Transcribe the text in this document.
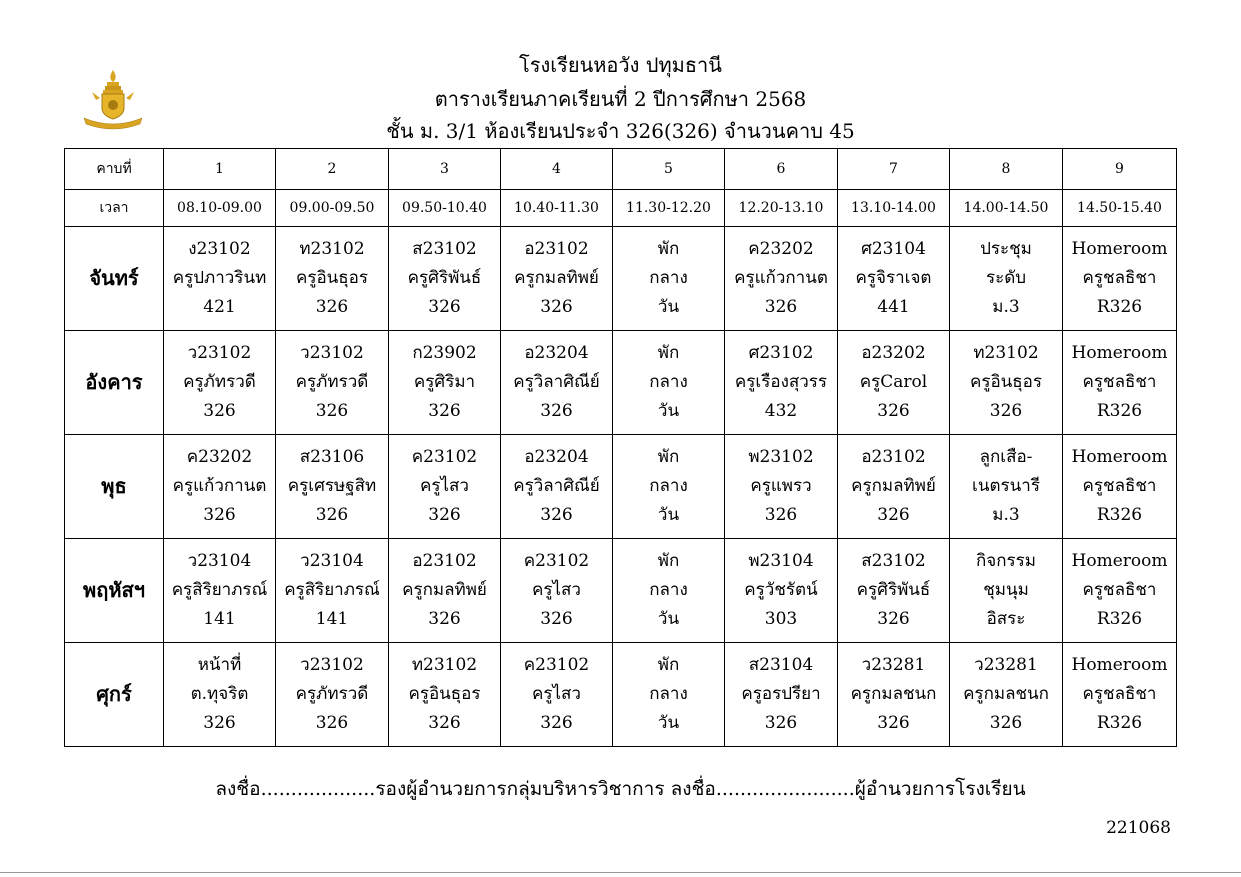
โรงเรียนหอวัง ปทุมธานี
ตารางเรียนภาคเรียนที่ 2 ปีการศึกษา 2568
ชั้น ม. 3/1 ห้องเรียนประจำ 326(326) จำนวนคาบ 45
คาบที่	1	2	3	4	5	6	7	8	9
เวลา	08.10-09.00	09.00-09.50	09.50-10.40	10.40-11.30	11.30-12.20	12.20-13.10	13.10-14.00	14.00-14.50	14.50-15.40
จันทร์	ง23102
ครูปภาวรินท
421	ท23102
ครูอินธุอร
326	ส23102
ครูศิริพันธ์
326	อ23102
ครูกมลทิพย์
326	พัก
กลาง
วัน	ค23202
ครูแก้วกานต
326	ศ23104
ครูจิราเจต
441	ประชุม
ระดับ
ม.3	Homeroom
ครูชลธิชา
R326

อังคาร	ว23102
ครูภัทรวดี
326	ว23102
ครูภัทรวดี
326	ก23902
ครูศิริมา
326	อ23204
ครูวิลาศิณีย์
326	พัก
กลาง
วัน	ศ23102
ครูเรืองสุวรร
432	อ23202
ครูCarol
326	ท23102
ครูอินธุอร
326	Homeroom
ครูชลธิชา
R326

พุธ	ค23202
ครูแก้วกานต
326	ส23106
ครูเศรษฐสิท
326	ค23102
ครูไสว
326	อ23204
ครูวิลาศิณีย์
326	พัก
กลาง
วัน	พ23102
ครูแพรว
326	อ23102
ครูกมลทิพย์
326	ลูกเสือ-
เนตรนารี
ม.3	Homeroom
ครูชลธิชา
R326

พฤหัสฯ	ว23104
ครูสิริยาภรณ์
141	ว23104
ครูสิริยาภรณ์
141	อ23102
ครูกมลทิพย์
326	ค23102
ครูไสว
326	พัก
กลาง
วัน	พ23104
ครูวัชรัตน์
303	ส23102
ครูศิริพันธ์
326	กิจกรรม
ชุมนุม
อิสระ	Homeroom
ครูชลธิชา
R326

ศุกร์	หน้าที่
ต.ทุจริต
326	ว23102
ครูภัทรวดี
326	ท23102
ครูอินธุอร
326	ค23102
ครูไสว
326	พัก
กลาง
วัน	ส23104
ครูอรปรียา
326	ว23281
ครูกมลชนก
326	ว23281
ครูกมลชนก
326	Homeroom
ครูชลธิชา
R326
ลงชื่อ...................รองผู้อำนวยการกลุ่มบริหารวิชาการ ลงชื่อ.......................ผู้อำนวยการโรงเรียน
221068
